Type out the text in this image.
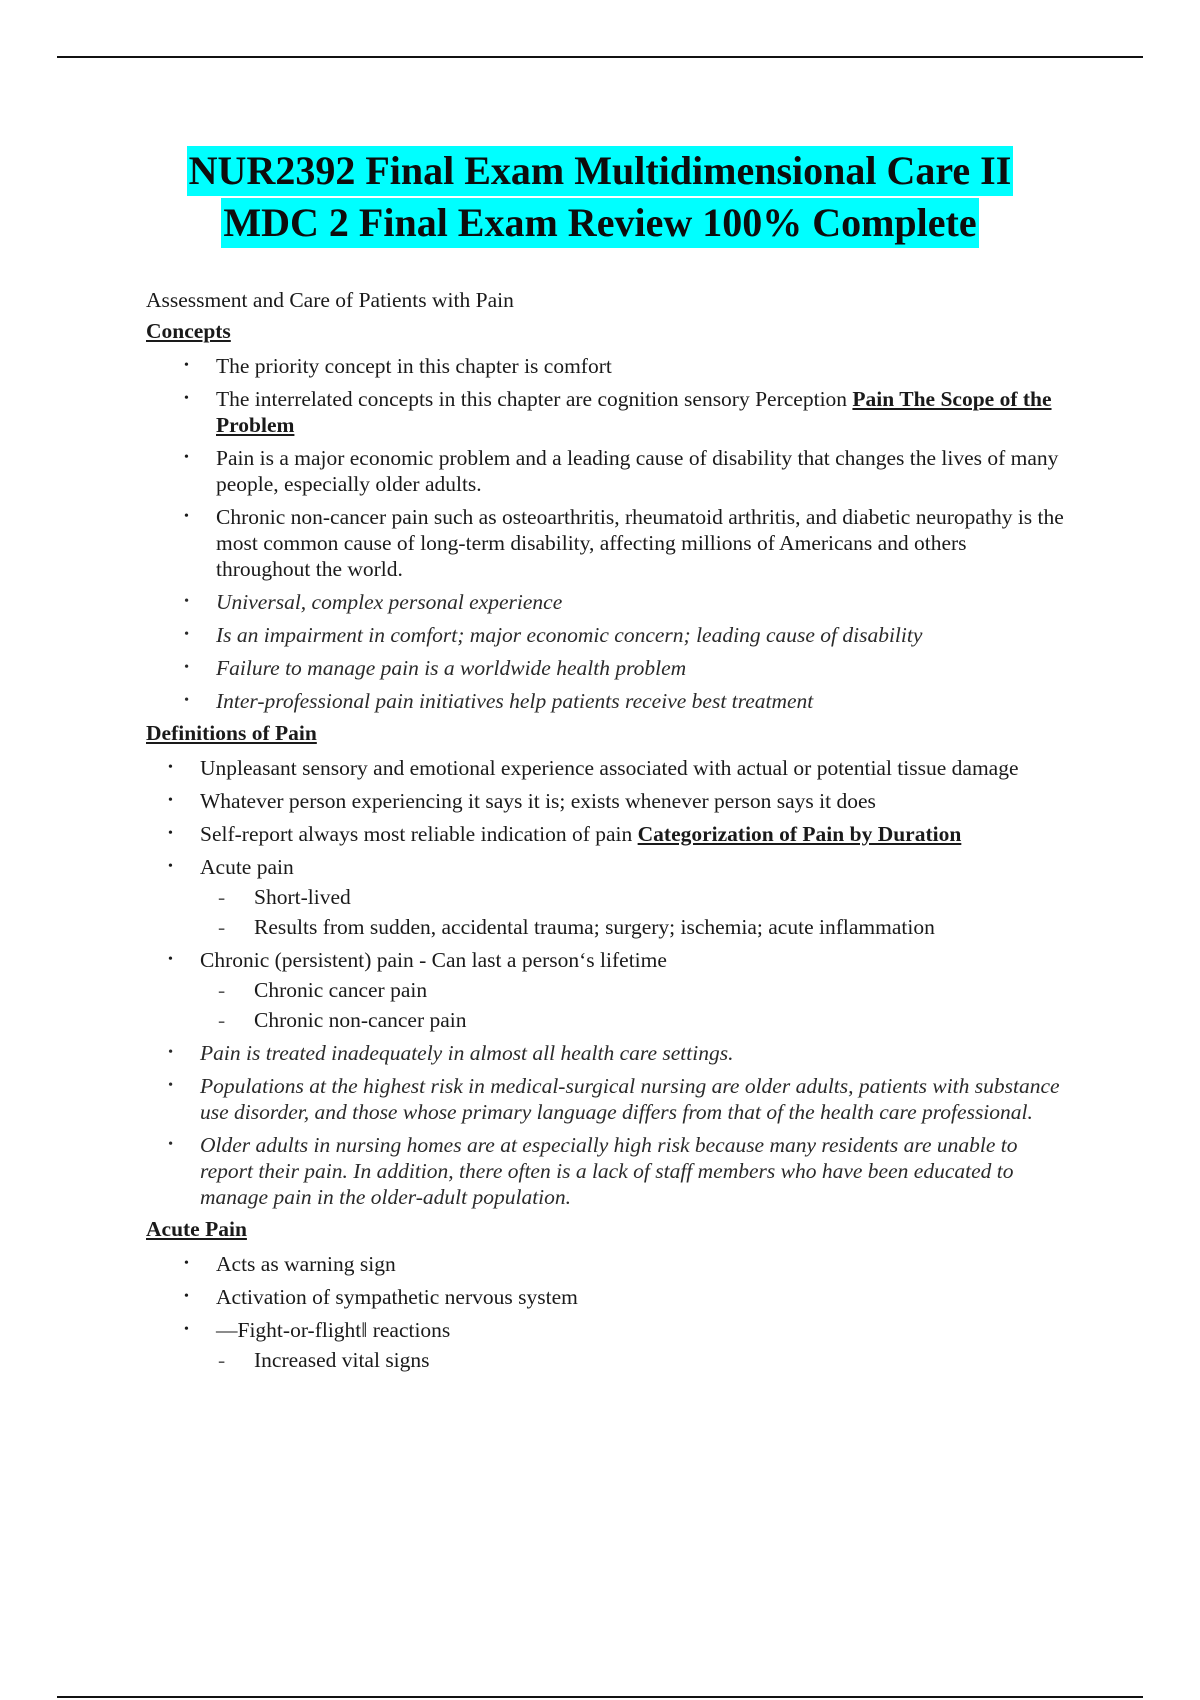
NUR2392 Final Exam Multidimensional Care II
MDC 2 Final Exam Review 100% Complete
Assessment and Care of Patients with Pain
Concepts
• The priority concept in this chapter is comfort
• The interrelated concepts in this chapter are cognition sensory Perception Pain The Scope of the Problem
• Pain is a major economic problem and a leading cause of disability that changes the lives of many people, especially older adults.
• Chronic non-cancer pain such as osteoarthritis, rheumatoid arthritis, and diabetic neuropathy is the most common cause of long-term disability, affecting millions of Americans and others throughout the world.
• Universal, complex personal experience
• Is an impairment in comfort; major economic concern; leading cause of disability
• Failure to manage pain is a worldwide health problem
• Inter-professional pain initiatives help patients receive best treatment
Definitions of Pain
• Unpleasant sensory and emotional experience associated with actual or potential tissue damage
• Whatever person experiencing it says it is; exists whenever person says it does
• Self-report always most reliable indication of pain Categorization of Pain by Duration
• Acute pain
- Short-lived
- Results from sudden, accidental trauma; surgery; ischemia; acute inflammation
• Chronic (persistent) pain - Can last a person‘s lifetime
- Chronic cancer pain
- Chronic non-cancer pain
• Pain is treated inadequately in almost all health care settings.
• Populations at the highest risk in medical-surgical nursing are older adults, patients with substance use disorder, and those whose primary language differs from that of the health care professional.
• Older adults in nursing homes are at especially high risk because many residents are unable to report their pain. In addition, there often is a lack of staff members who have been educated to manage pain in the older-adult population.
Acute Pain
• Acts as warning sign
• Activation of sympathetic nervous system
• ―Fight-or-flight‖ reactions
- Increased vital signs
